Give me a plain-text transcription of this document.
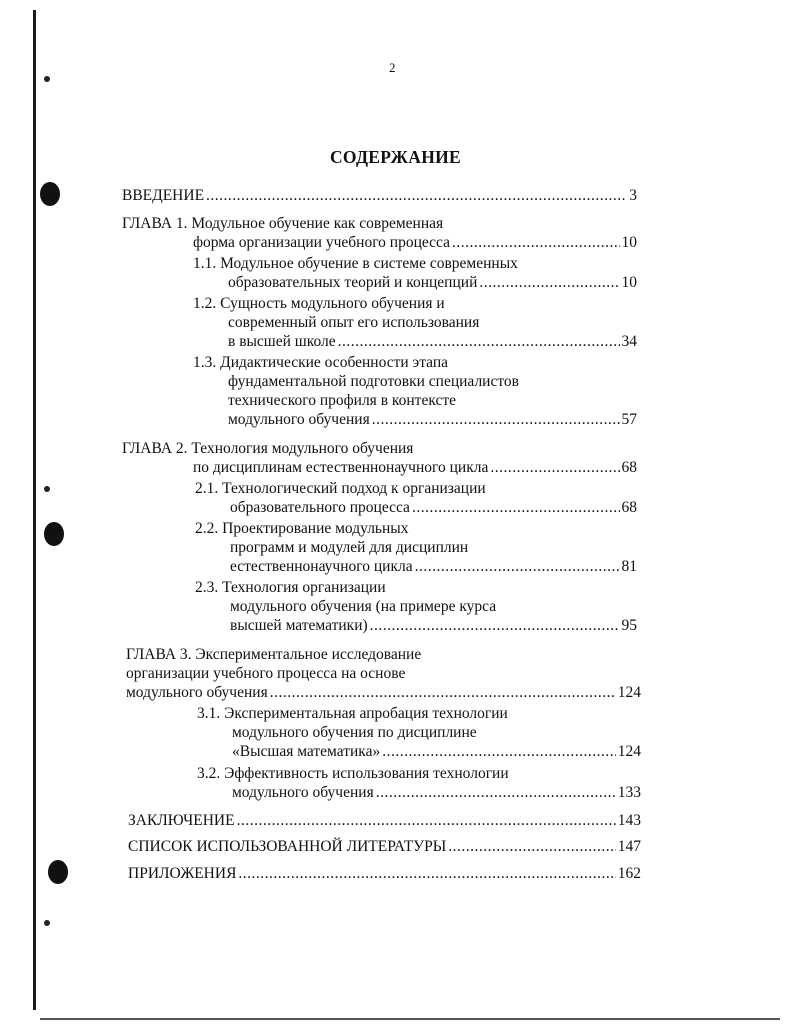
2
СОДЕРЖАНИЕ
ВВЕДЕНИЕ .....	3
ГЛАВА 1. Модульное обучение как современная
форма организации учебного процесса .....	10
1.1. Модульное обучение в системе современных
образовательных теорий и концепций .....	10
1.2. Сущность модульного обучения и
современный опыт его использования
в высшей школе .....	34
1.3. Дидактические особенности этапа
фундаментальной подготовки специалистов
технического профиля в контексте
модульного обучения .....	57
ГЛАВА 2. Технология модульного обучения
по дисциплинам естественнонаучного цикла .....	68
2.1. Технологический подход к организации
образовательного процесса .....	68
2.2. Проектирование модульных
программ и модулей для дисциплин
естественнонаучного цикла .....	81
2.3. Технология организации
модульного обучения (на примере курса
высшей математики) .....	95
ГЛАВА 3. Экспериментальное исследование
организации учебного процесса на основе
модульного обучения .....	124
3.1. Экспериментальная апробация технологии
модульного обучения по дисциплине
«Высшая математика» .....	124
3.2. Эффективность использования технологии
модульного обучения .....	133
ЗАКЛЮЧЕНИЕ .....	143
СПИСОК ИСПОЛЬЗОВАННОЙ ЛИТЕРАТУРЫ .....	147
ПРИЛОЖЕНИЯ .....	162
